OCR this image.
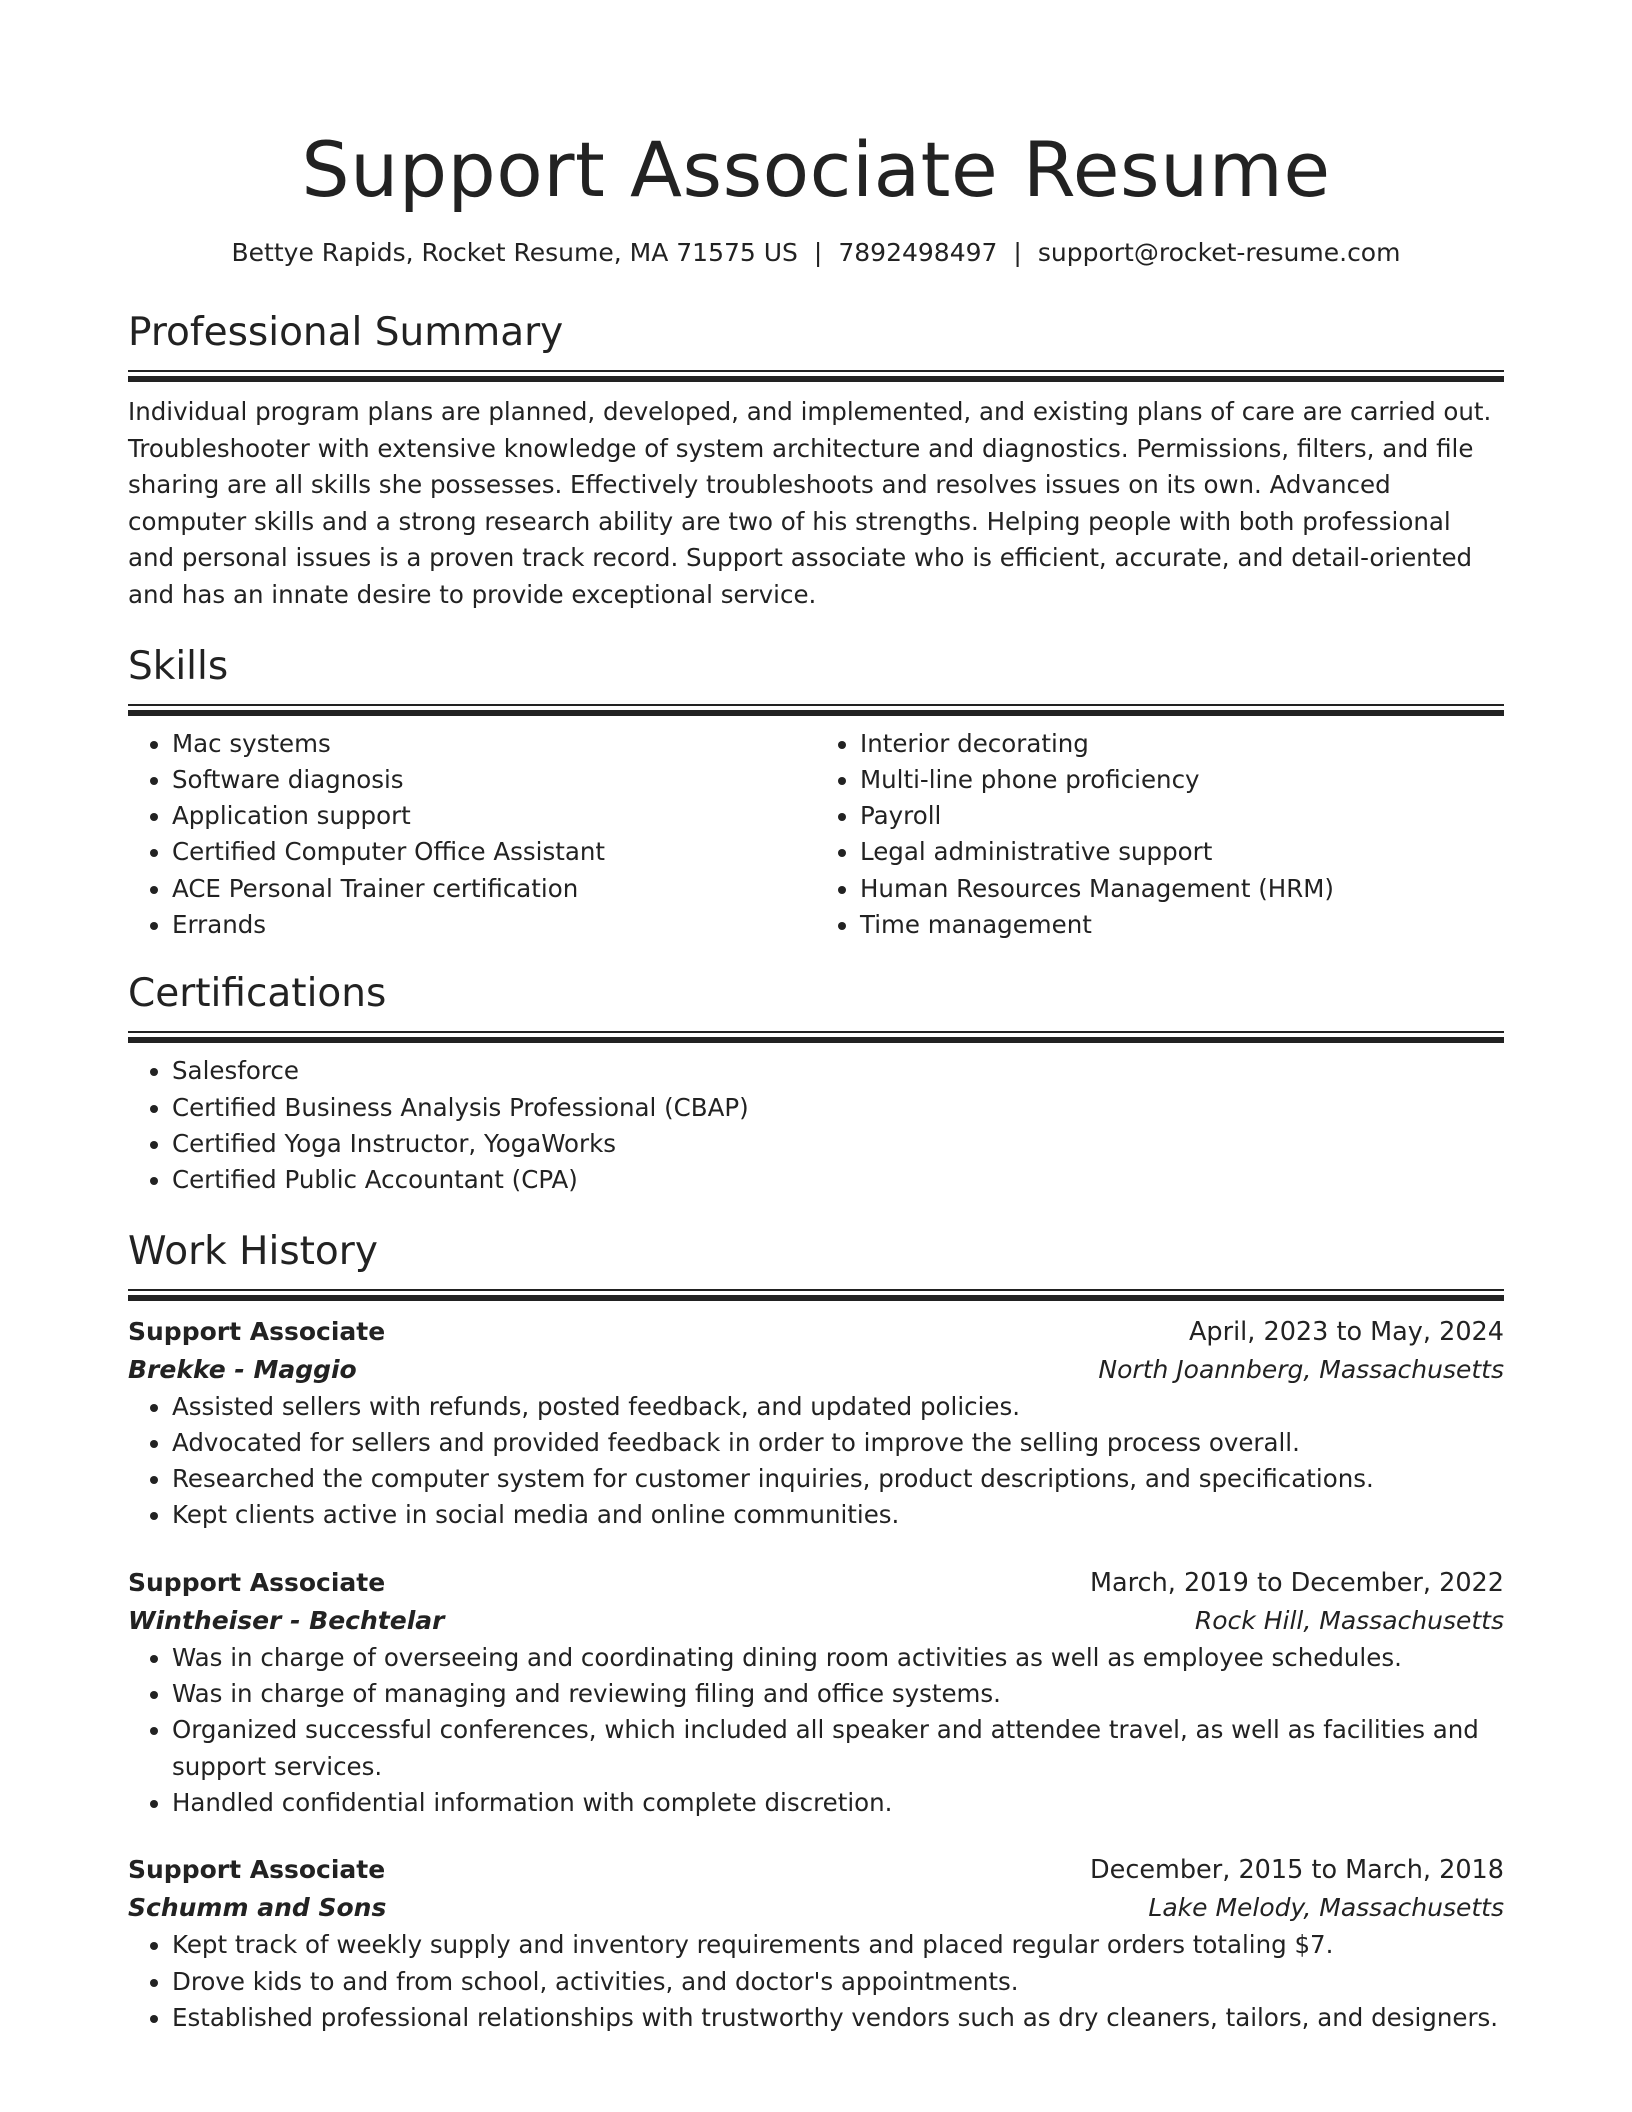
Support Associate Resume
Bettye Rapids, Rocket Resume, MA 71575 US | 7892498497 | support@rocket-resume.com
Professional Summary

Individual program plans are planned, developed, and implemented, and existing plans of care are carried out. Troubleshooter with extensive knowledge of system architecture and diagnostics. Permissions, filters, and file sharing are all skills she possesses. Effectively troubleshoots and resolves issues on its own. Advanced computer skills and a strong research ability are two of his strengths. Helping people with both professional and personal issues is a proven track record. Support associate who is efficient, accurate, and detail-oriented and has an innate desire to provide exceptional service.

Skills
• Mac systems
• Software diagnosis
• Application support
• Certified Computer Office Assistant
• ACE Personal Trainer certification
• Errands
• Interior decorating
• Multi-line phone proficiency
• Payroll
• Legal administrative support
• Human Resources Management (HRM)
• Time management
Certifications
• Salesforce
• Certified Business Analysis Professional (CBAP)
• Certified Yoga Instructor, YogaWorks
• Certified Public Accountant (CPA)
Work History
Support Associate	April, 2023 to May, 2024
Brekke - Maggio	North Joannberg, Massachusetts
• Assisted sellers with refunds, posted feedback, and updated policies.
• Advocated for sellers and provided feedback in order to improve the selling process overall.
• Researched the computer system for customer inquiries, product descriptions, and specifications.
• Kept clients active in social media and online communities.
Support Associate	March, 2019 to December, 2022
Wintheiser - Bechtelar	Rock Hill, Massachusetts
• Was in charge of overseeing and coordinating dining room activities as well as employee schedules.
• Was in charge of managing and reviewing filing and office systems.
• Organized successful conferences, which included all speaker and attendee travel, as well as facilities and support services.
• Handled confidential information with complete discretion.
Support Associate	December, 2015 to March, 2018
Schumm and Sons	Lake Melody, Massachusetts
• Kept track of weekly supply and inventory requirements and placed regular orders totaling $7.
• Drove kids to and from school, activities, and doctor's appointments.
• Established professional relationships with trustworthy vendors such as dry cleaners, tailors, and designers.
